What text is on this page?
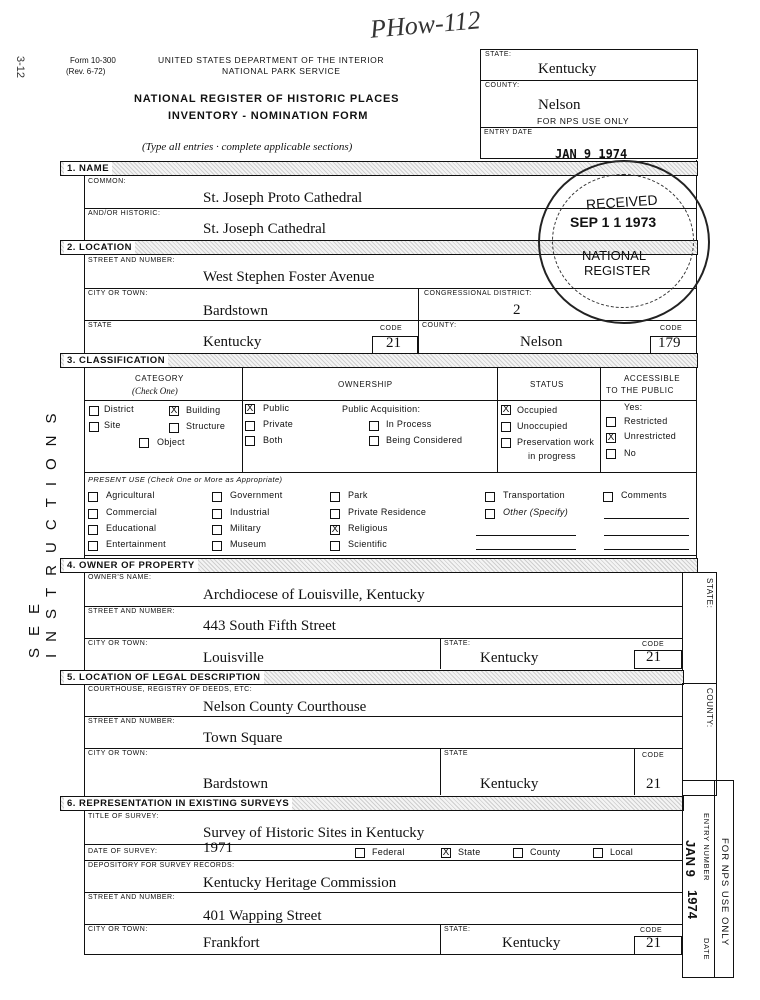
PHow-112
3-12	Form 10-300
(Rev. 6-72)
UNITED STATES DEPARTMENT OF THE INTERIOR
NATIONAL PARK SERVICE
NATIONAL REGISTER OF HISTORIC PLACES
INVENTORY - NOMINATION FORM
(Type all entries · complete applicable sections)
STATE:
Kentucky
COUNTY:
Nelson
FOR NPS USE ONLY
ENTRY DATE
JAN 9 1974
SEE INSTRUCTIONS
1. NAME
COMMON:
St. Joseph Proto Cathedral
AND/OR HISTORIC:
St. Joseph Cathedral
2. LOCATION
STREET AND NUMBER:
West Stephen Foster Avenue
CITY OR TOWN:
Bardstown
CONGRESSIONAL DISTRICT:
2
STATE
Kentucky
CODE
21
COUNTY:
Nelson
CODE
179
RECEIVED
SEP 1 1 1973
NATIONAL
REGISTER
3. CLASSIFICATION
CATEGORY
(Check One)
OWNERSHIP	STATUS
ACCESSIBLE
TO THE PUBLIC
District	X Building
Site	Structure
Object
X Public
Private
Both
Public Acquisition:
In Process
Being Considered
X Occupied
Unoccupied
Preservation work
in progress
Yes:
Restricted
X Unrestricted
No
PRESENT USE (Check One or More as Appropriate)
Agricultural
Commercial
Educational
Entertainment
Government
Industrial
Military
Museum
Park
Private Residence
X Religious
Scientific
Transportation
Other (Specify)
Comments
4. OWNER OF PROPERTY
STATE:
OWNER'S NAME:
Archdiocese of Louisville, Kentucky
STREET AND NUMBER:
443 South Fifth Street
CITY OR TOWN:
Louisville
STATE:
Kentucky
CODE
21
5. LOCATION OF LEGAL DESCRIPTION
COUNTY:
COURTHOUSE, REGISTRY OF DEEDS, ETC:
Nelson County Courthouse
STREET AND NUMBER:
Town Square
CITY OR TOWN:
Bardstown
STATE
Kentucky
CODE
21
6. REPRESENTATION IN EXISTING SURVEYS
ENTRY NUMBER
DATE
FOR NPS USE ONLY
JAN 9
1974
TITLE OF SURVEY:
Survey of Historic Sites in Kentucky
DATE OF SURVEY:	1971	Federal	X State	County	Local
DEPOSITORY FOR SURVEY RECORDS:
Kentucky Heritage Commission
STREET AND NUMBER:
401 Wapping Street
CITY OR TOWN:
Frankfort
STATE:
Kentucky
CODE
21
